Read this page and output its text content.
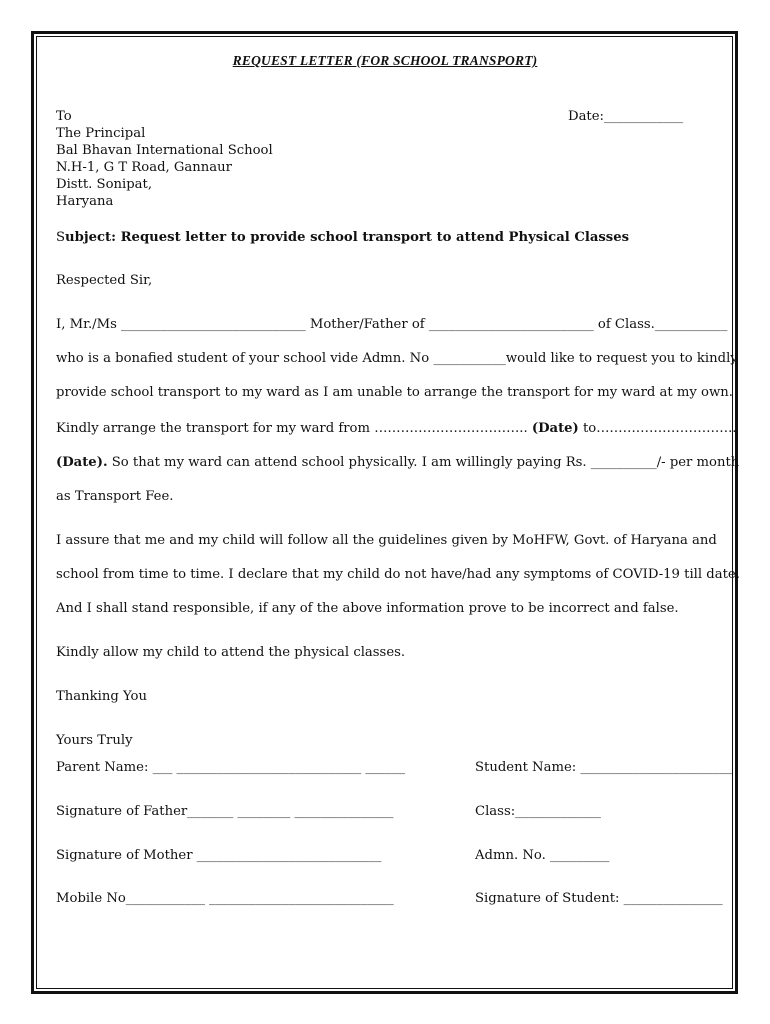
REQUEST LETTER (FOR SCHOOL TRANSPORT)
To	Date:____________
The Principal
Bal Bhavan International School
N.H-1, G T Road, Gannaur
Distt. Sonipat,
Haryana
Subject: Request letter to provide school transport to attend Physical Classes
Respected Sir,
I, Mr./Ms ____________________________ Mother/Father of _________________________ of Class.___________
who is a bonafied student of your school vide Admn. No ___________would like to request you to kindly
provide school transport to my ward as I am unable to arrange the transport for my ward at my own.
Kindly arrange the transport for my ward from …………………………….. (Date) to…………………………..
(Date). So that my ward can attend school physically. I am willingly paying Rs. __________/- per month
as Transport Fee.
I assure that me and my child will follow all the guidelines given by MoHFW, Govt. of Haryana and
school from time to time. I declare that my child do not have/had any symptoms of COVID-19 till date.
And I shall stand responsible, if any of the above information prove to be incorrect and false.
Kindly allow my child to attend the physical classes.
Thanking You
Yours Truly
Parent Name: ___ ____________________________ ______	Student Name: _______________________
Signature of Father_______ ________ _______________	Class:_____________
Signature of Mother ____________________________	Admn. No. _________
Mobile No____________ ____________________________	Signature of Student: _______________
